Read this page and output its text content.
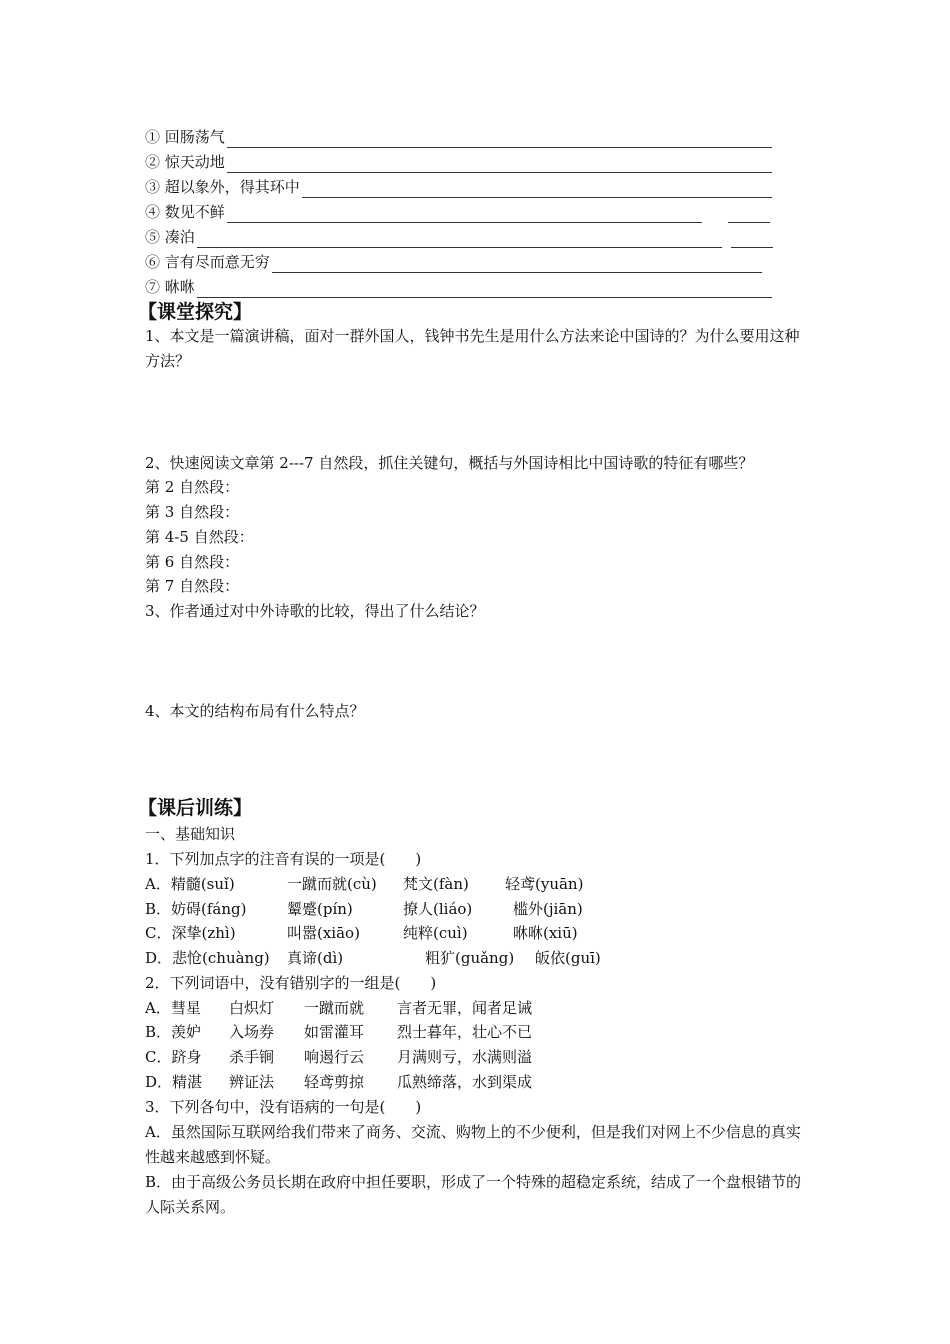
① 回肠荡气
② 惊天动地
③ 超以象外，得其环中
④ 数见不鲜
⑤ 凑泊
⑥ 言有尽而意无穷
⑦ 咻咻
【课堂探究】
1、本文是一篇演讲稿，面对一群外国人，钱钟书先生是用什么方法来论中国诗的？为什么要用这种方法？
2、快速阅读文章第 2---7 自然段，抓住关键句，概括与外国诗相比中国诗歌的特征有哪些？
第 2 自然段：
第 3 自然段：
第 4-5 自然段：
第 6 自然段：
第 7 自然段：
3、作者通过对中外诗歌的比较，得出了什么结论？
4、本文的结构布局有什么特点？
【课后训练】
一、基础知识
1．下列加点字的注音有误的一项是(　　)
A．精髓(suǐ)	一蹴而就(cù) 梵文(fàn) 轻鸢(yuān)
B．妨碍(fáng)	颦蹙(pín)	撩人(liáo)	槛外(jiān)
C．深挚(zhì)	叫嚣(xiāo)	纯粹(cuì)	咻咻(xiū)
D．悲怆(chuàng) 真谛(dì)	粗犷(guǎng) 皈依(guī)
2．下列词语中，没有错别字的一组是(　　)
A．彗星 白炽灯 一蹴而就 言者无罪，闻者足诫
B．羡妒 入场券 如雷灌耳 烈士暮年，壮心不已
C．跻身 杀手锏 响遏行云 月满则亏，水满则溢
D．精湛 辨证法 轻鸢剪掠 瓜熟缔落，水到渠成
3．下列各句中，没有语病的一句是(　　)
A．虽然国际互联网给我们带来了商务、交流、购物上的不少便利，但是我们对网上不少信息的真实性越来越感到怀疑。
B．由于高级公务员长期在政府中担任要职，形成了一个特殊的超稳定系统，结成了一个盘根错节的人际关系网。
